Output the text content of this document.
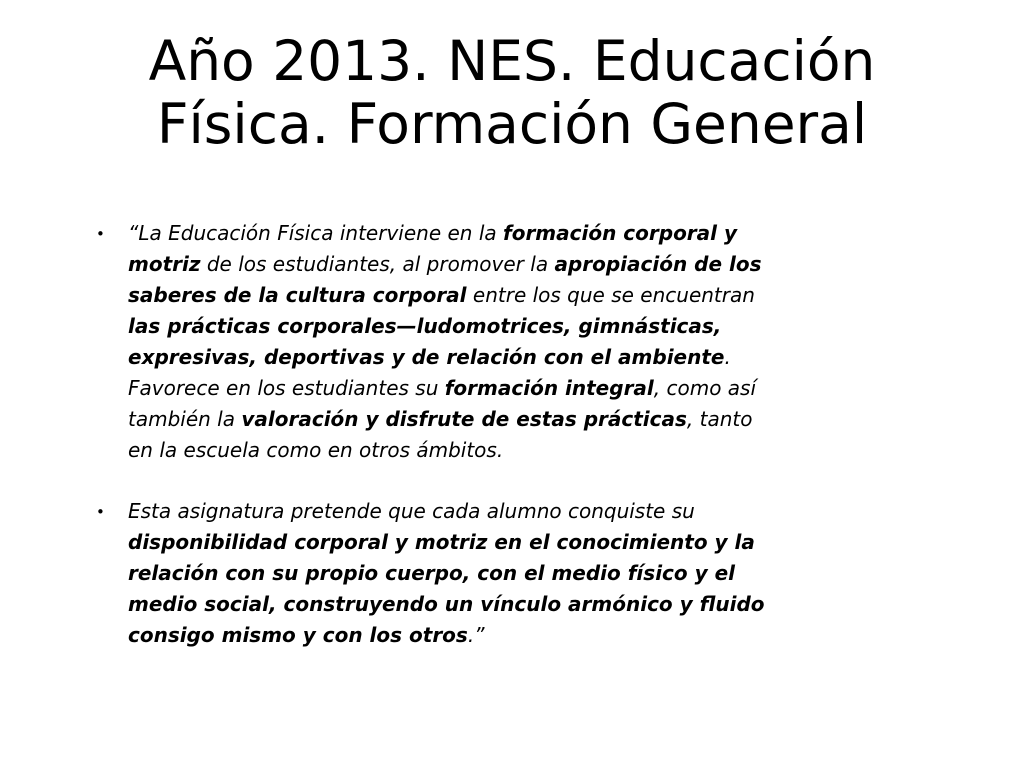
Año 2013. NES. Educación
Física. Formación General
• “La Educación Física interviene en la formación corporal y
motriz de los estudiantes, al promover la apropiación de los
saberes de la cultura corporal entre los que se encuentran
las prácticas corporales—ludomotrices, gimnásticas,
expresivas, deportivas y de relación con el ambiente.
Favorece en los estudiantes su formación integral, como así
también la valoración y disfrute de estas prácticas, tanto
en la escuela como en otros ámbitos.
• Esta asignatura pretende que cada alumno conquiste su
disponibilidad corporal y motriz en el conocimiento y la
relación con su propio cuerpo, con el medio físico y el
medio social, construyendo un vínculo armónico y fluido
consigo mismo y con los otros.”
